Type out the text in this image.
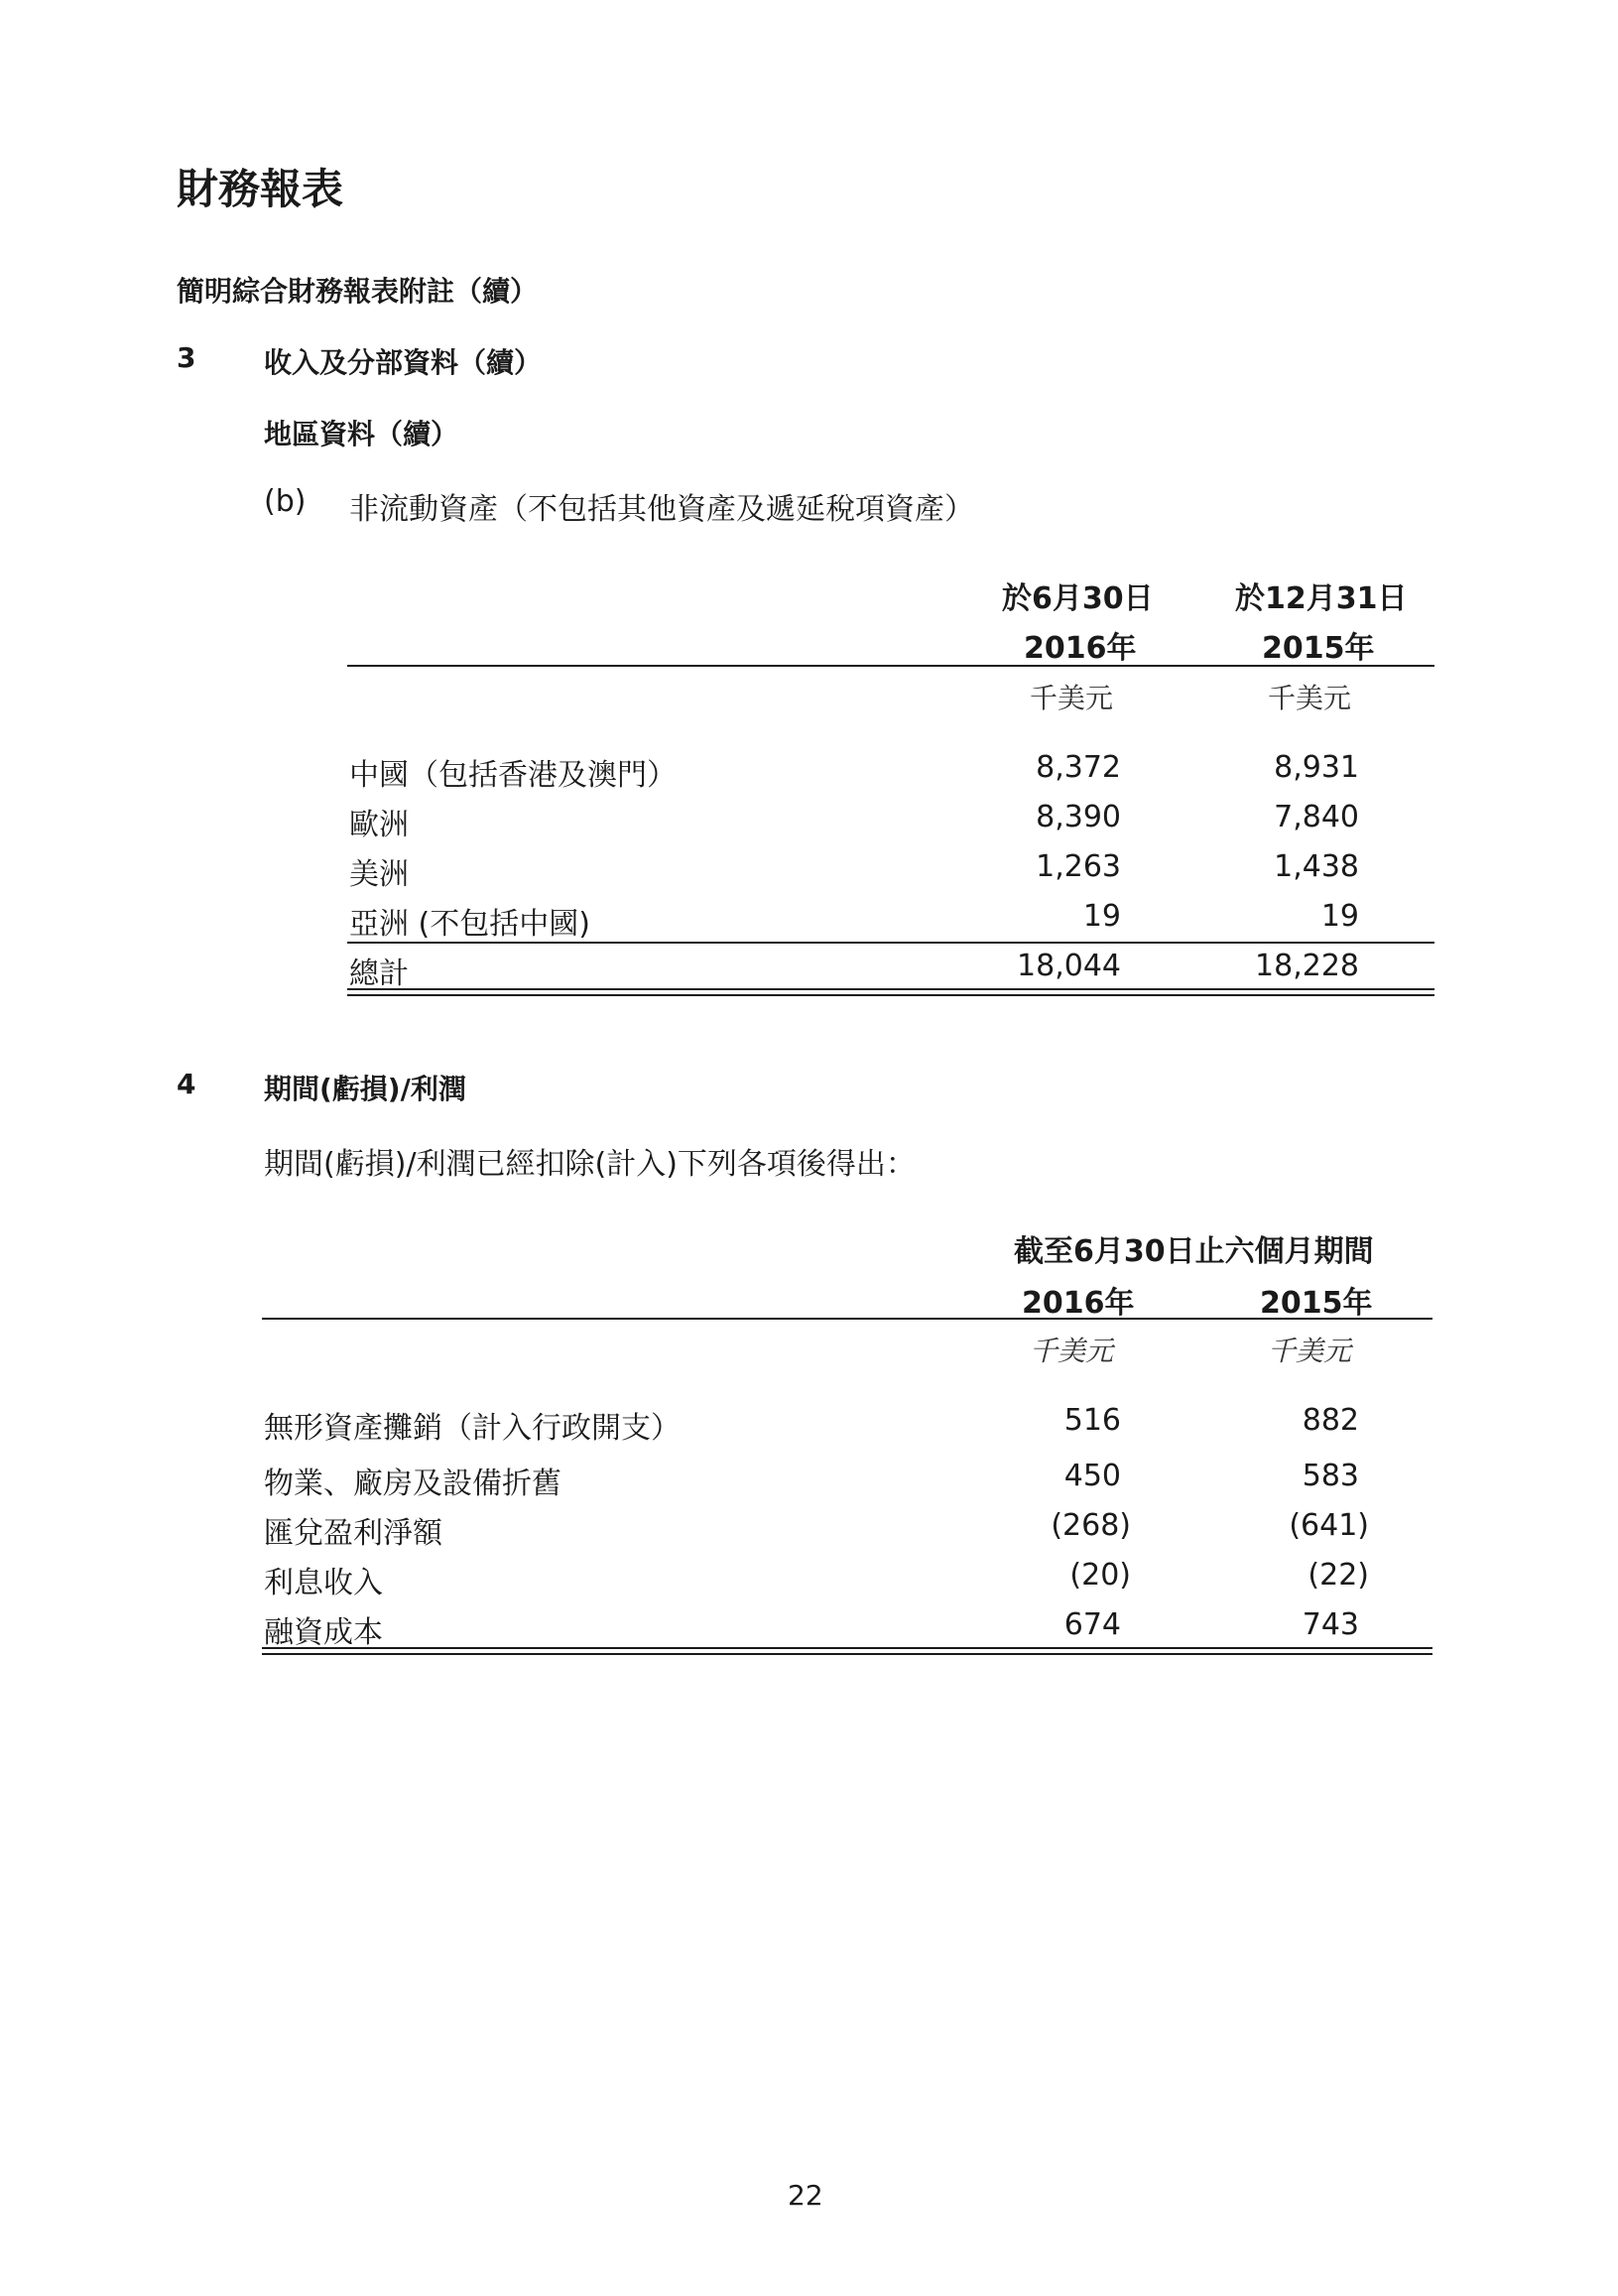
財務報表
簡明綜合財務報表附註（續）
3 收入及分部資料（續）
地區資料（續）
(b) 非流動資產（不包括其他資產及遞延稅項資產）
於6月30日	於12月31日
2016年	2015年
千美元	千美元
中國（包括香港及澳門）	8,372	8,931
歐洲	8,390	7,840
美洲	1,263	1,438
亞洲 (不包括中國)	19	19
總計	18,044	18,228
4 期間(虧損)/利潤
期間(虧損)/利潤已經扣除(計入)下列各項後得出：
截至6月30日止六個月期間
2016年	2015年
千美元	千美元
無形資產攤銷（計入行政開支）	516	882
物業、廠房及設備折舊	450	583
匯兌盈利淨額	(268)	(641)
利息收入	(20)	(22)
融資成本	674	743
22
